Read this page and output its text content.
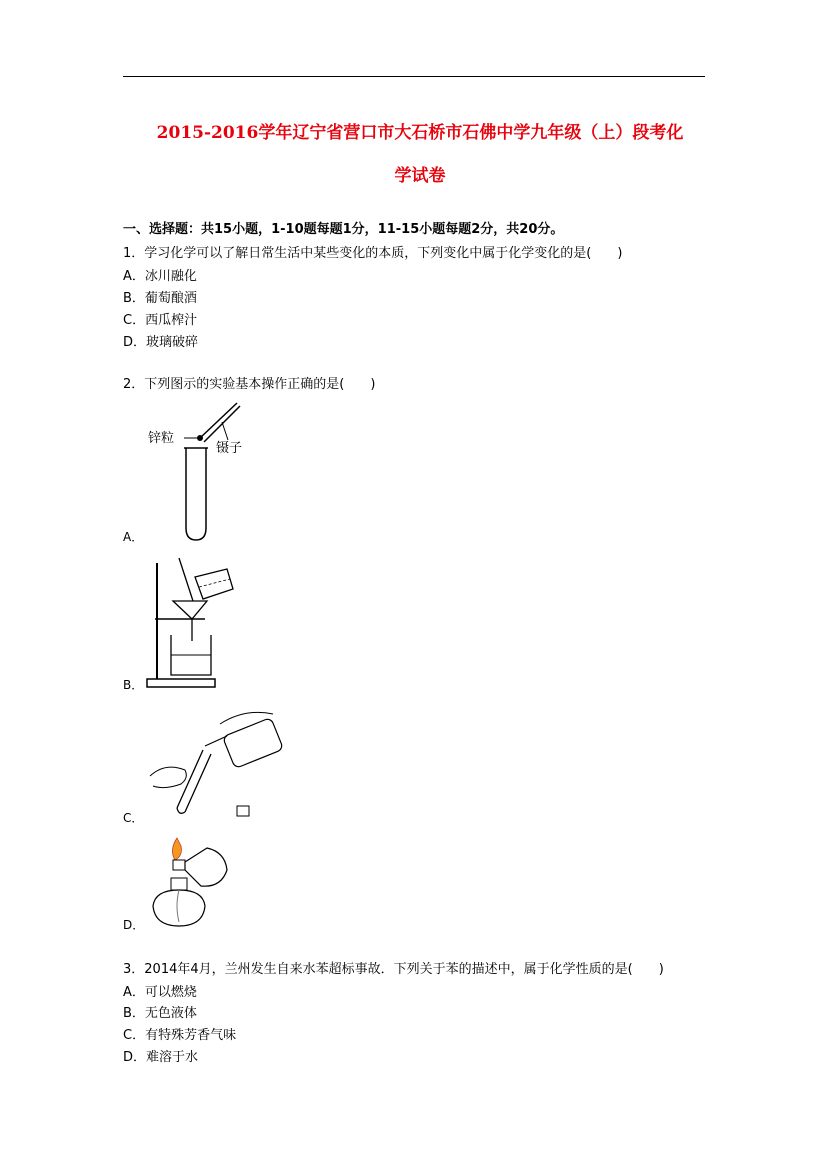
2015-2016学年辽宁省营口市大石桥市石佛中学九年级（上）段考化
学试卷
一、选择题：共15小题，1-10题每题1分，11-15小题每题2分，共20分。
1．学习化学可以了解日常生活中某些变化的本质，下列变化中属于化学变化的是(　　)
A．冰川融化
B．葡萄酿酒
C．西瓜榨汁
D．玻璃破碎
2．下列图示的实验基本操作正确的是(　　)
锌粒
镊子
A．
B．
C．
D．
3．2014年4月，兰州发生自来水苯超标事故．下列关于苯的描述中，属于化学性质的是(　　)
A．可以燃烧
B．无色液体
C．有特殊芳香气味
D．难溶于水
